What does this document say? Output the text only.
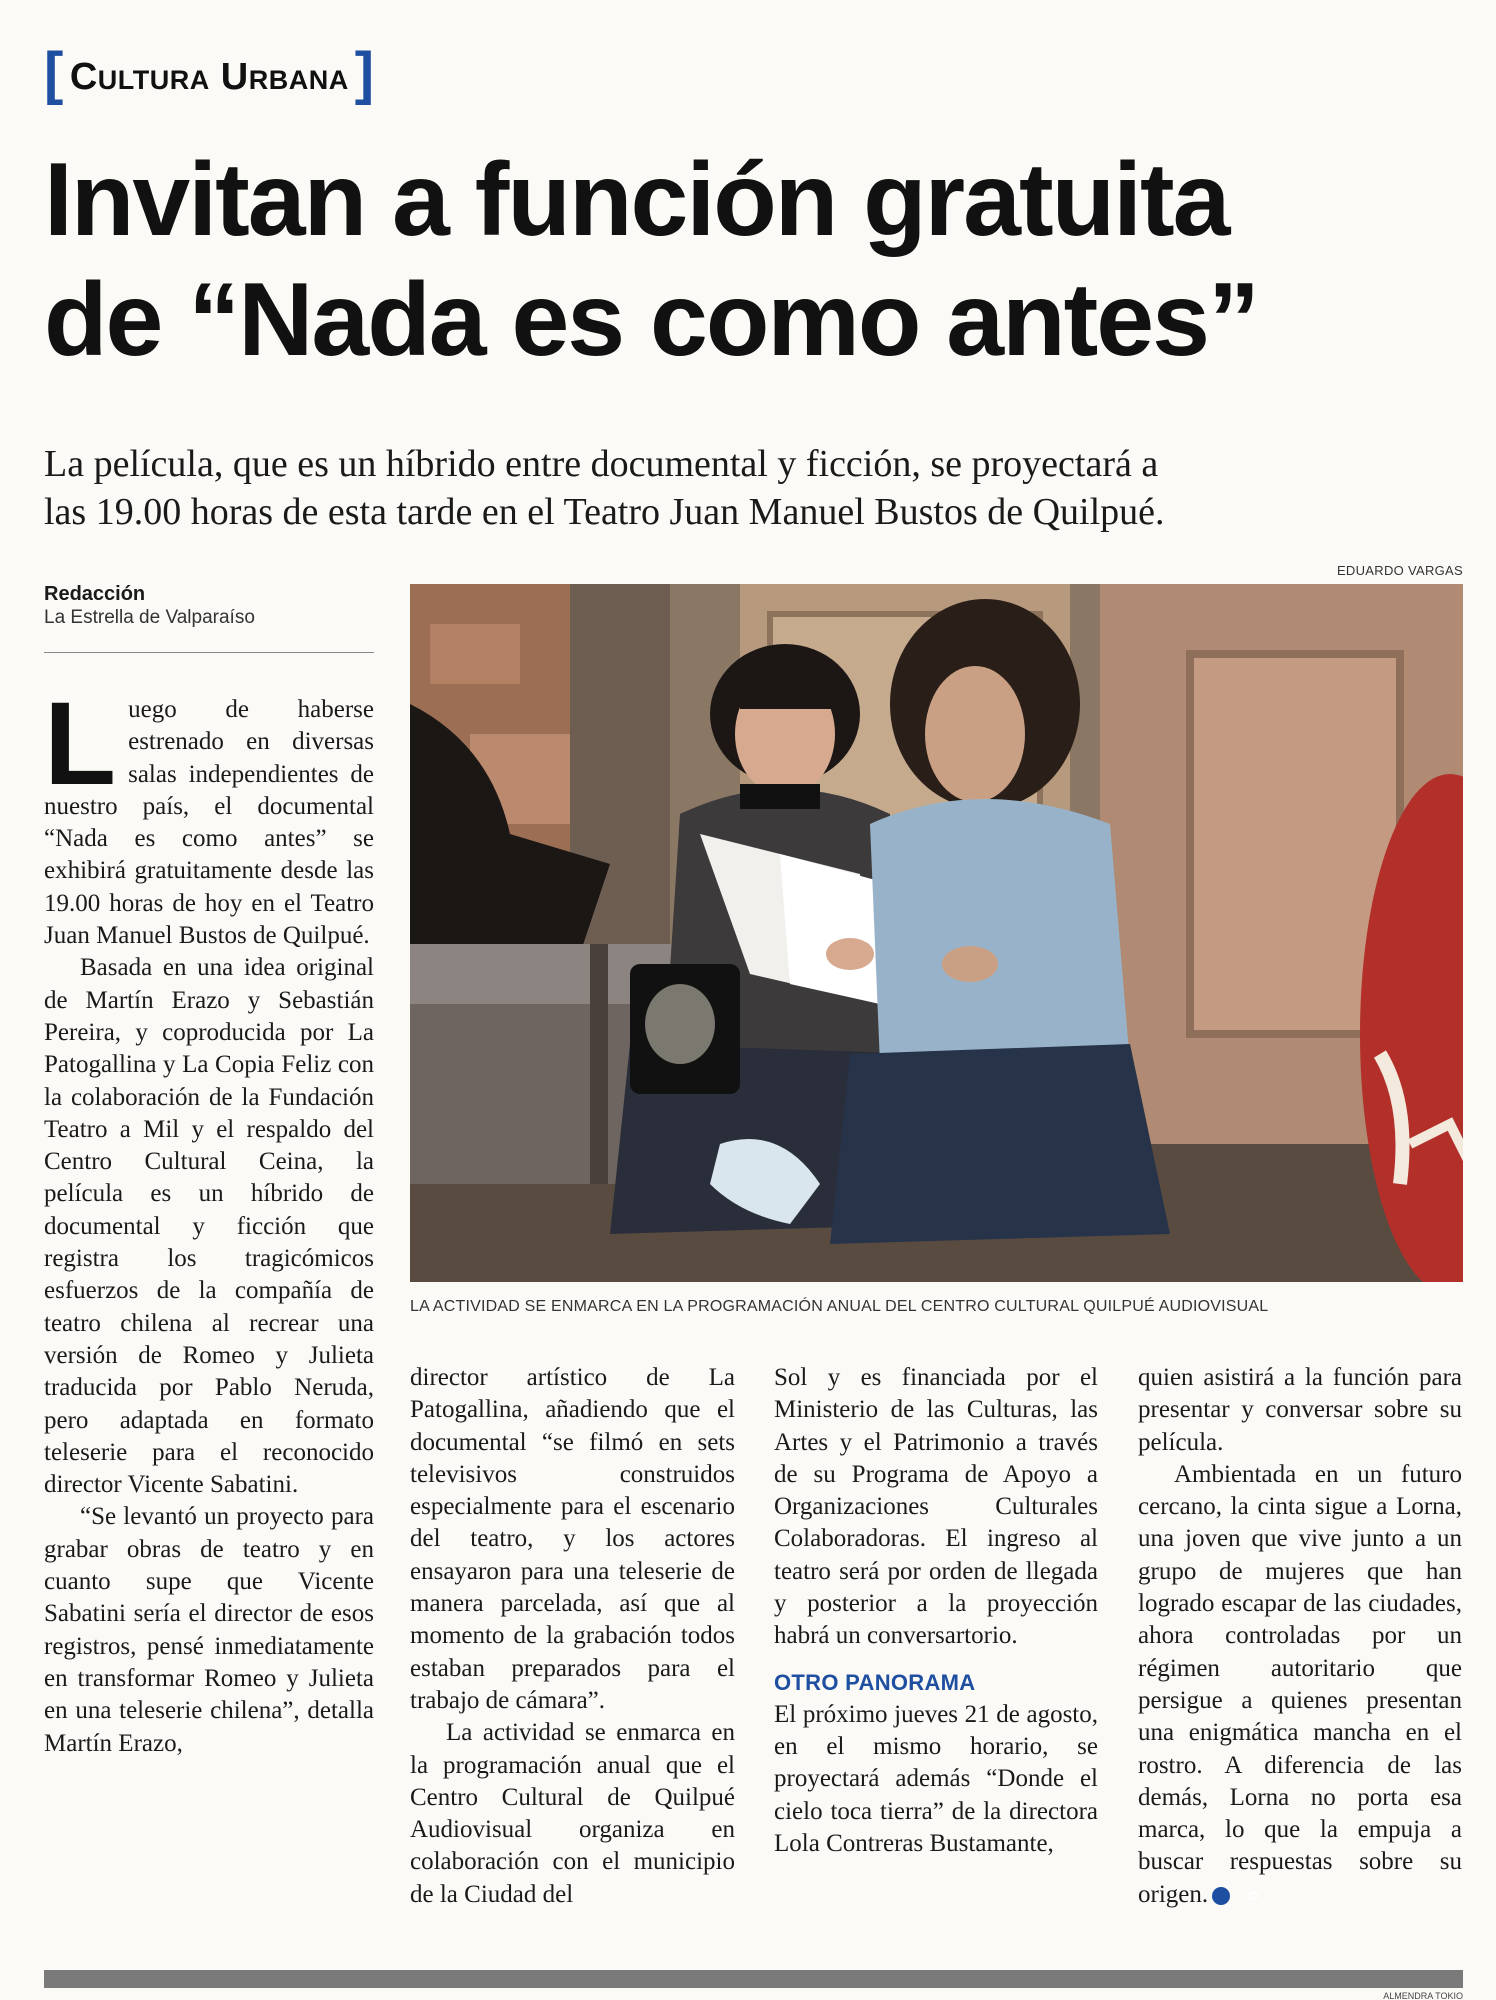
[ Cultura Urbana ]
Invitan a función gratuita
de “Nada es como antes”
La película, que es un híbrido entre documental y ficción, se proyectará a
las 19.00 horas de esta tarde en el Teatro Juan Manuel Bustos de Quilpué.
Redacción
La Estrella de Valparaíso
EDUARDO VARGAS
LA ACTIVIDAD SE ENMARCA EN LA PROGRAMACIÓN ANUAL DEL CENTRO CULTURAL QUILPUÉ AUDIOVISUAL

Luego de haberse estrenado en diversas salas independientes de nuestro país, el documental “Nada es como antes” se exhibirá gratuitamente desde las 19.00 horas de hoy en el Teatro Juan Manuel Bustos de Quilpué.

Basada en una idea original de Martín Erazo y Sebastián Pereira, y coproducida por La Patogallina y La Copia Feliz con la colaboración de la Fundación Teatro a Mil y el respaldo del Centro Cultural Ceina, la película es un híbrido de documental y ficción que registra los tragicómicos esfuerzos de la compañía de teatro chilena al recrear una versión de Romeo y Julieta traducida por Pablo Neruda, pero adaptada en formato teleserie para el reconocido director Vicente Sabatini.

“Se levantó un proyecto para grabar obras de teatro y en cuanto supe que Vicente Sabatini sería el director de esos registros, pensé inmediatamente en transformar Romeo y Julieta en una teleserie chilena”, detalla Martín Erazo,

director artístico de La Patogallina, añadiendo que el documental “se filmó en sets televisivos construidos especialmente para el escenario del teatro, y los actores ensayaron para una teleserie de manera parcelada, así que al momento de la grabación todos estaban preparados para el trabajo de cámara”.

La actividad se enmarca en la programación anual que el Centro Cultural de Quilpué Audiovisual organiza en colaboración con el municipio de la Ciudad del

Sol y es financiada por el Ministerio de las Culturas, las Artes y el Patrimonio a través de su Programa de Apoyo a Organizaciones Culturales Colaboradoras. El ingreso al teatro será por orden de llegada y posterior a la proyección habrá un conversartorio.

OTRO PANORAMA

El próximo jueves 21 de agosto, en el mismo horario, se proyectará además “Donde el cielo toca tierra” de la directora Lola Contreras Bustamante,

quien asistirá a la función para presentar y conversar sobre su película.

Ambientada en un futuro cercano, la cinta sigue a Lorna, una joven que vive junto a un grupo de mujeres que han logrado escapar de las ciudades, ahora controladas por un régimen autoritario que persigue a quienes presentan una enigmática mancha en el rostro. A diferencia de las demás, Lorna no porta esa marca, lo que la empuja a buscar respuestas sobre su origen.	✪

ALMENDRA TOKIO
